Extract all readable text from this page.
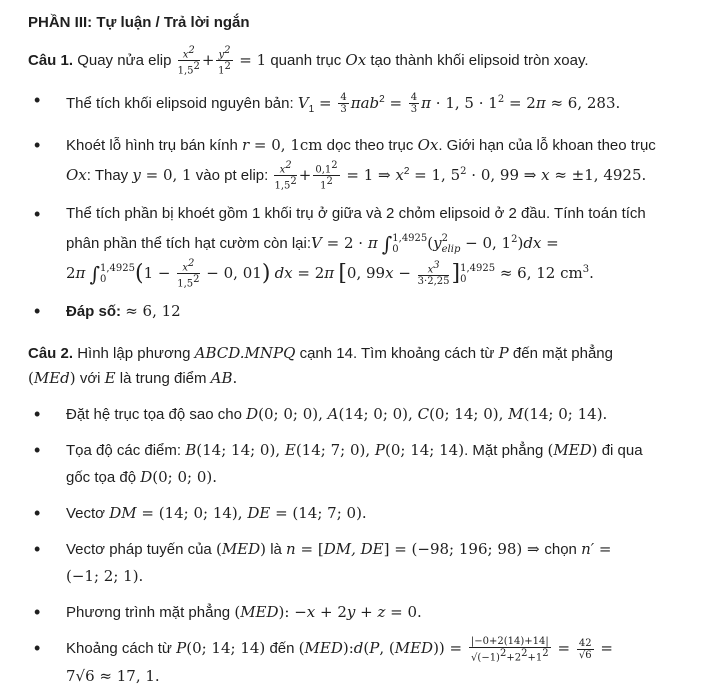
PHẦN III: Tự luận / Trả lời ngắn
Câu 1. Quay nửa elip $\frac{x^2}{1,5^2} + \frac{y^2}{1^2} = 1$ quanh trục Ox tạo thành khối elipsoid tròn xoay.
• Thể tích khối elipsoid nguyên bản: $V_1 = \frac{4}{3} \pi ab^2 = \frac{4}{3}$ π · 1, $5 \cdot 1^2 = 2\pi \approx 6$, 283.
• Khoét lỗ hình trụ bán kính r = 0, 1cm dọc theo trục Ox. Giới hạn của lỗ khoan theo trục
Ox: Thay y = 0, 1 vào pt elip: $\frac{x^2}{1,5^2} + \frac{0,1^2}{1^2} = 1$ ⇒ $x^2 = 1$, $5^2 \cdot 0$, 99 ⇒ x ≈ ±1, 4925.
• Thể tích phần bị khoét gồm 1 khối trụ ở giữa và 2 chỏm elipsoid ở 2 đầu. Tính toán tích
phân phần thể tích hạt cườm còn lại:V = 2 · π ∫ 1,4925
0	(y 2
elip − 0, $1^2)dx$ =
2π ∫ 1,4925
0	($1 - \frac{x^2}{1,5^2} - 0$, 01) dx = 2π [0, $99x - \frac{x^3}{3\cdot 2,25}$ ] 1,4925
0	≈ 6, 12 $cm^3$.
• Đáp số: ≈ 6, 12
Câu 2. Hình lập phương ABCD.MNPQ cạnh 14. Tìm khoảng cách từ P đến mặt phẳng
(MEd) với E là trung điểm AB.
• Đặt hệ trục tọa độ sao cho D(0; 0; 0), A(14; 0; 0), C(0; 14; 0), M(14; 0; 14).
• Tọa độ các điểm: B(14; 14; 0), E(14; 7; 0), P(0; 14; 14). Mặt phẳng (MED) đi qua
gốc tọa độ D(0; 0; 0).
• Vectơ DM = (14; 0; 14), DE = (14; 7; 0).
• Vectơ pháp tuyến của (MED) là n = [DM, DE] = (−98; 196; 98) ⇒ chọn n′ =
(−1; 2; 1).
• Phương trình mặt phẳng (MED): −x + 2y + z = 0.
• Khoảng cách từ P(0; 14; 14) đến (MED):d(P, $(MED)) = \frac{|-0+2(14)+14|}{√(-1)^2+2^2+1^2} = \frac{42}{√6}$ =
7√6 ≈ 17, 1.
